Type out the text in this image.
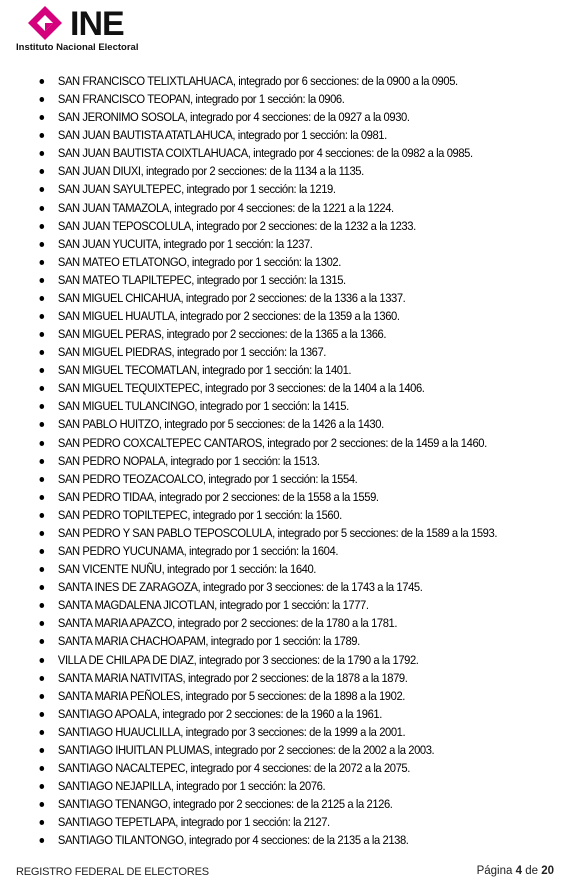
INE
Instituto Nacional Electoral
SAN FRANCISCO TELIXTLAHUACA, integrado por 6 secciones: de la 0900 a la 0905.
SAN FRANCISCO TEOPAN, integrado por 1 sección: la 0906.
SAN JERONIMO SOSOLA, integrado por 4 secciones: de la 0927 a la 0930.
SAN JUAN BAUTISTA ATATLAHUCA, integrado por 1 sección: la 0981.
SAN JUAN BAUTISTA COIXTLAHUACA, integrado por 4 secciones: de la 0982 a la 0985.
SAN JUAN DIUXI, integrado por 2 secciones: de la 1134 a la 1135.
SAN JUAN SAYULTEPEC, integrado por 1 sección: la 1219.
SAN JUAN TAMAZOLA, integrado por 4 secciones: de la 1221 a la 1224.
SAN JUAN TEPOSCOLULA, integrado por 2 secciones: de la 1232 a la 1233.
SAN JUAN YUCUITA, integrado por 1 sección: la 1237.
SAN MATEO ETLATONGO, integrado por 1 sección: la 1302.
SAN MATEO TLAPILTEPEC, integrado por 1 sección: la 1315.
SAN MIGUEL CHICAHUA, integrado por 2 secciones: de la 1336 a la 1337.
SAN MIGUEL HUAUTLA, integrado por 2 secciones: de la 1359 a la 1360.
SAN MIGUEL PERAS, integrado por 2 secciones: de la 1365 a la 1366.
SAN MIGUEL PIEDRAS, integrado por 1 sección: la 1367.
SAN MIGUEL TECOMATLAN, integrado por 1 sección: la 1401.
SAN MIGUEL TEQUIXTEPEC, integrado por 3 secciones: de la 1404 a la 1406.
SAN MIGUEL TULANCINGO, integrado por 1 sección: la 1415.
SAN PABLO HUITZO, integrado por 5 secciones: de la 1426 a la 1430.
SAN PEDRO COXCALTEPEC CANTAROS, integrado por 2 secciones: de la 1459 a la 1460.
SAN PEDRO NOPALA, integrado por 1 sección: la 1513.
SAN PEDRO TEOZACOALCO, integrado por 1 sección: la 1554.
SAN PEDRO TIDAA, integrado por 2 secciones: de la 1558 a la 1559.
SAN PEDRO TOPILTEPEC, integrado por 1 sección: la 1560.
SAN PEDRO Y SAN PABLO TEPOSCOLULA, integrado por 5 secciones: de la 1589 a la 1593.
SAN PEDRO YUCUNAMA, integrado por 1 sección: la 1604.
SAN VICENTE NUÑU, integrado por 1 sección: la 1640.
SANTA INES DE ZARAGOZA, integrado por 3 secciones: de la 1743 a la 1745.
SANTA MAGDALENA JICOTLAN, integrado por 1 sección: la 1777.
SANTA MARIA APAZCO, integrado por 2 secciones: de la 1780 a la 1781.
SANTA MARIA CHACHOAPAM, integrado por 1 sección: la 1789.
VILLA DE CHILAPA DE DIAZ, integrado por 3 secciones: de la 1790 a la 1792.
SANTA MARIA NATIVITAS, integrado por 2 secciones: de la 1878 a la 1879.
SANTA MARIA PEÑOLES, integrado por 5 secciones: de la 1898 a la 1902.
SANTIAGO APOALA, integrado por 2 secciones: de la 1960 a la 1961.
SANTIAGO HUAUCLILLA, integrado por 3 secciones: de la 1999 a la 2001.
SANTIAGO IHUITLAN PLUMAS, integrado por 2 secciones: de la 2002 a la 2003.
SANTIAGO NACALTEPEC, integrado por 4 secciones: de la 2072 a la 2075.
SANTIAGO NEJAPILLA, integrado por 1 sección: la 2076.
SANTIAGO TENANGO, integrado por 2 secciones: de la 2125 a la 2126.
SANTIAGO TEPETLAPA, integrado por 1 sección: la 2127.
SANTIAGO TILANTONGO, integrado por 4 secciones: de la 2135 a la 2138.
REGISTRO FEDERAL DE ELECTORES	Página 4 de 20
